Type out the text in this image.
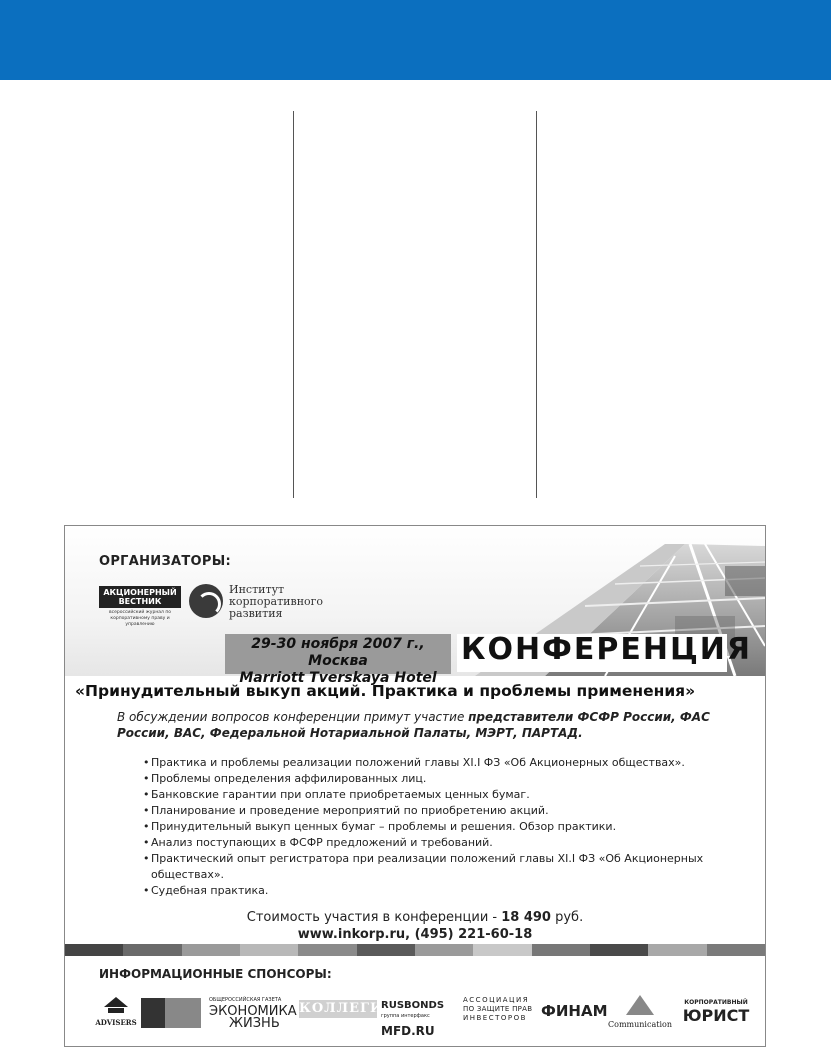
ОРГАНИЗАТОРЫ:
АКЦИОНЕРНЫЙ
ВЕСТНИК
всероссийский журнал по корпоративному праву и управлению
Институт
корпоративного
развития
29-30 ноября 2007 г., Москва
Marriott Tverskaya Hotel
КОНФЕРЕНЦИЯ
«Принудительный выкуп акций. Практика и проблемы применения»
В обсуждении вопросов конференции примут участие представители ФСФР России, ФАС России, ВАС, Федеральной Нотариальной Палаты, МЭРТ, ПАРТАД.
• Практика и проблемы реализации положений главы XI.I ФЗ «Об Акционерных обществах».
• Проблемы определения аффилированных лиц.
• Банковские гарантии при оплате приобретаемых ценных бумаг.
• Планирование и проведение мероприятий по приобретению акций.
• Принудительный выкуп ценных бумаг – проблемы и решения. Обзор практики.
• Анализ поступающих в ФСФР предложений и требований.
• Практический опыт регистратора при реализации положений главы XI.I ФЗ «Об Акционерных обществах».
• Судебная практика.
Стоимость участия в конференции - 18 490 руб.
www.inkorp.ru, (495) 221-60-18
ИНФОРМАЦИОННЫЕ СПОНСОРЫ:
ADVISERS
ОБЩЕРОССИЙСКАЯ ГАЗЕТА
ЭКОНОМИКА
ЖИЗНЬ
КОЛЛЕГИЯ
RUSBONDS
группа интерфакс
АССОЦИАЦИЯ
ПО ЗАЩИТЕ ПРАВ
ИНВЕСТОРОВ ФИНАМ
Communication
КОРПОРАТИВНЫЙ
ЮРИСТ
MFD.RU
